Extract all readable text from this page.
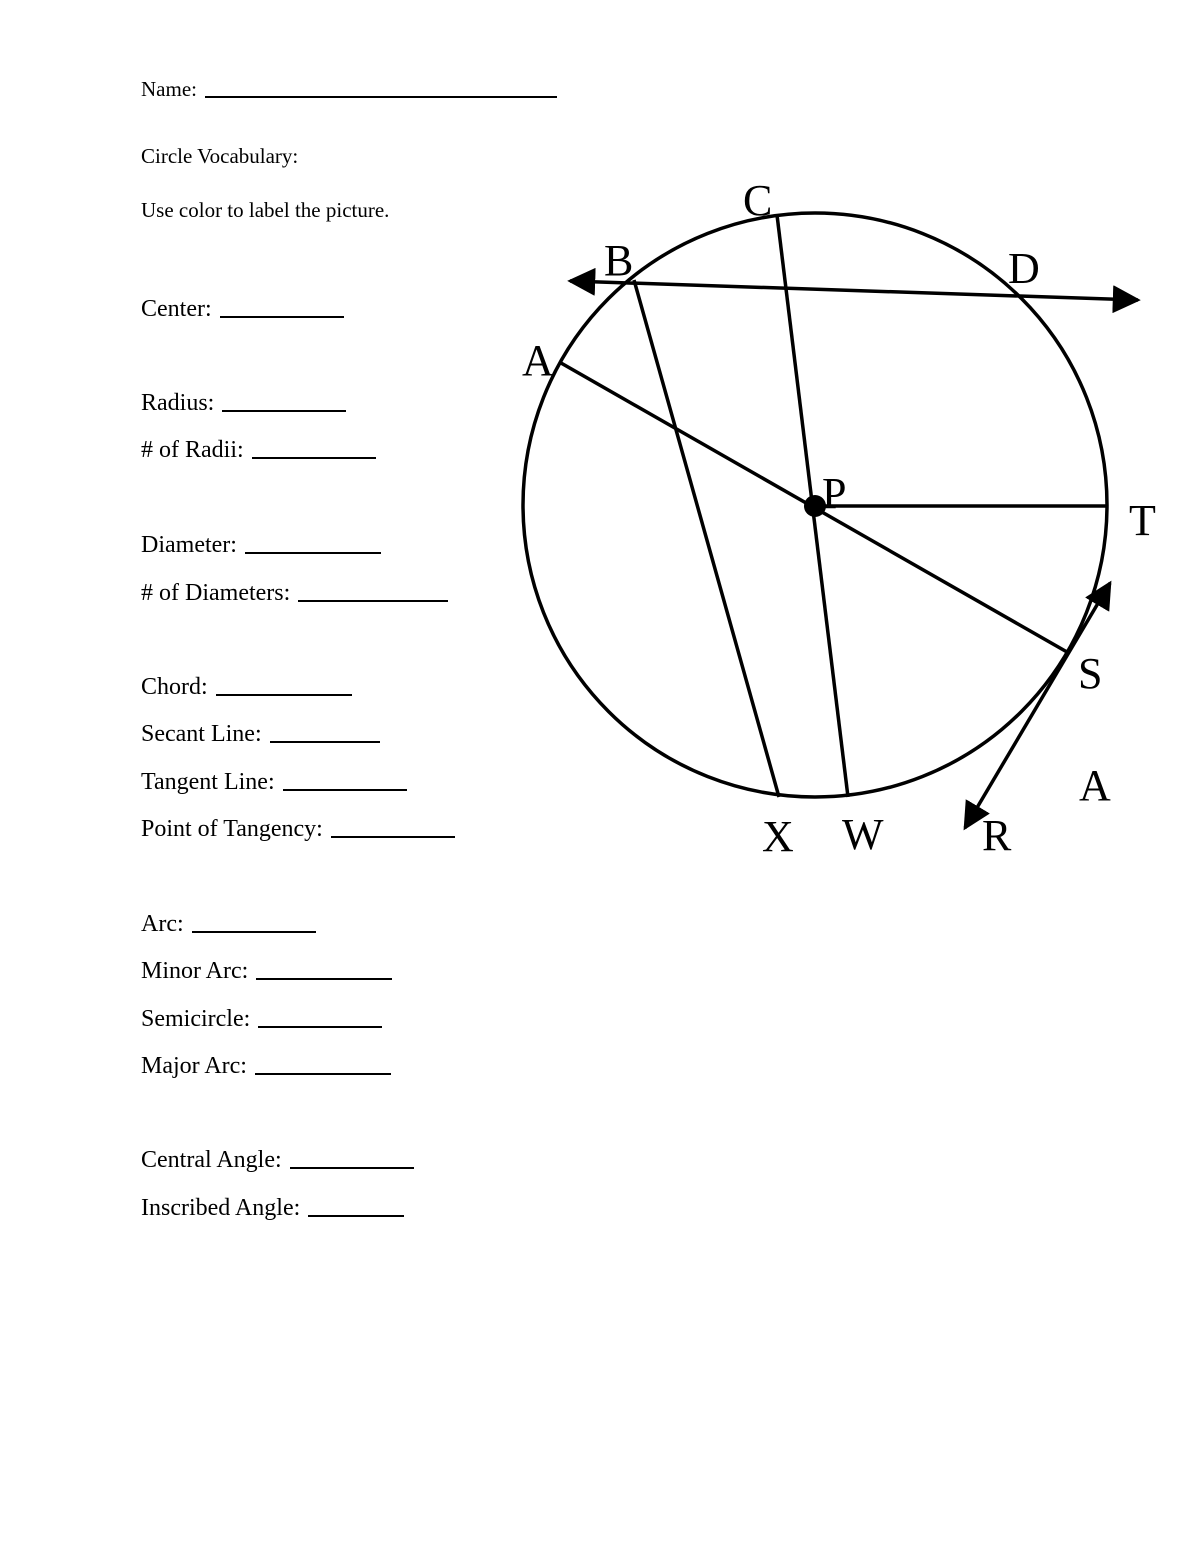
Name:
Circle Vocabulary:
Use color to label the picture.
Center:
Radius:
# of Radii:
Diameter:
# of Diameters:
Chord:
Secant Line:
Tangent Line:
Point of Tangency:
Arc:
Minor Arc:
Semicircle:
Major Arc:
Central Angle:
Inscribed Angle:
P
A
B
C
D
T
S
A
R
X W
